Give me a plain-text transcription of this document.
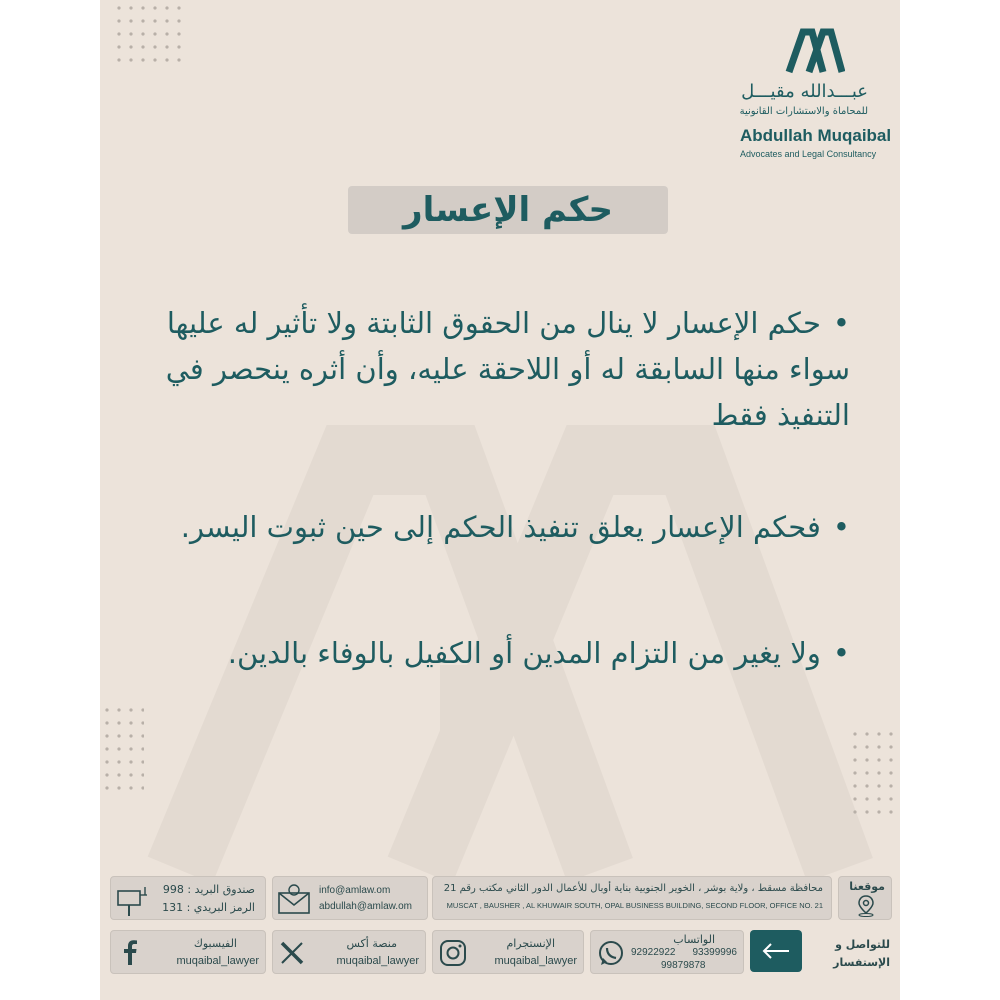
عبـــدالله مقيـــل
للمحاماة والاستشارات القانونية
Abdullah Muqaibal
Advocates and Legal Consultancy
حكم الإعسار
• حكم الإعسار لا ينال من الحقوق الثابتة ولا تأثير له عليها سواء منها السابقة له أو اللاحقة عليه، وأن أثره ينحصر في التنفيذ فقط
• فحكم الإعسار يعلق تنفيذ الحكم إلى حين ثبوت اليسر.
• ولا يغير من التزام المدين أو الكفيل بالوفاء بالدين.
موقعنا
محافظة مسقط ، ولاية بوشر ، الخوير الجنوبية بناية أوبال للأعمال الدور الثاني مكتب رقم 21
MUSCAT , BAUSHER , AL KHUWAIR SOUTH, OPAL BUSINESS BUILDING, SECOND FLOOR, OFFICE NO. 21
info@amlaw.om
abdullah@amlaw.om
صندوق البريد : 998
الرمز البريدي : 131
للتواصل و
الإستفسار
الواتساب
93399996
92922922
99879878
الإنستجرام
muqaibal_lawyer
منصة أكس
muqaibal_lawyer
الفيسبوك
muqaibal_lawyer
